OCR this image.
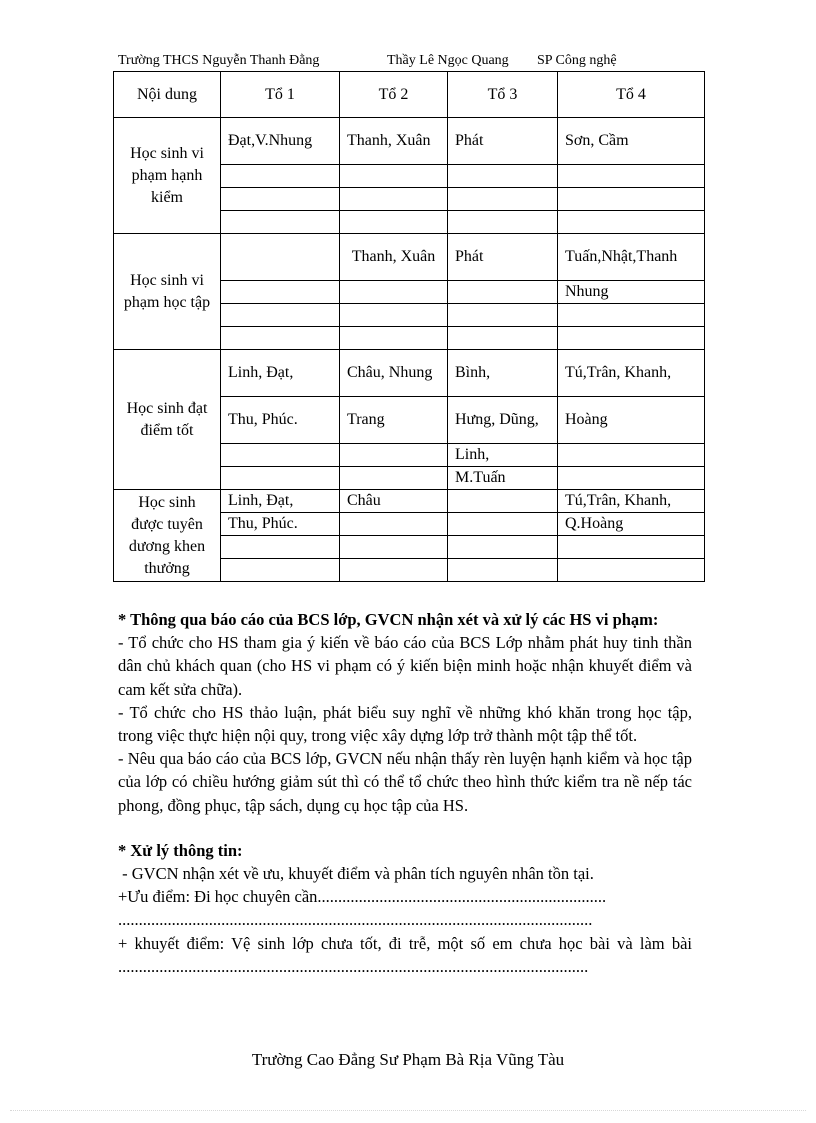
Trường THCS Nguyễn Thanh Đằng	Thầy Lê Ngọc Quang SP Công nghệ
Nội dung	Tổ 1	Tổ 2	Tổ 3	Tổ 4
Học sinh vi phạm hạnh kiểm	Đạt,V.Nhung	Thanh, Xuân	Phát	Sơn, Cầm

Học sinh vi phạm học tập		Thanh, Xuân	Phát	Tuấn,Nhật,Thanh
				Nhung

Học sinh đạt điểm tốt	Linh, Đạt,	Châu, Nhung	Bình,	Tú,Trân, Khanh,
	Thu, Phúc.	Trang	Hưng, Dũng,	Hoàng
			Linh,	
			M.Tuấn	
Học sinh được tuyên dương khen thưởng	Linh, Đạt,	Châu		Tú,Trân, Khanh,
	Thu, Phúc.			Q.Hoàng

* Thông qua báo cáo của BCS lớp, GVCN nhận xét và xử lý các HS vi phạm:

- Tổ chức cho HS tham gia ý kiến về báo cáo của BCS Lớp nhằm phát huy tinh thần dân chủ khách quan (cho HS vi phạm có ý kiến biện minh hoặc nhận khuyết điểm và cam kết sửa chữa).

- Tổ chức cho HS thảo luận, phát biểu suy nghĩ về những khó khăn trong học tập, trong việc thực hiện nội quy, trong việc xây dựng lớp trở thành một tập thể tốt.

- Nêu qua báo cáo của BCS lớp, GVCN nếu nhận thấy rèn luyện hạnh kiểm và học tập của lớp có chiều hướng giảm sút thì có thể tổ chức theo hình thức kiểm tra nề nếp tác phong, đồng phục, tập sách, dụng cụ học tập của HS.

* Xử lý thông tin:

- GVCN nhận xét về ưu, khuyết điểm và phân tích nguyên nhân tồn tại.

+Ưu điểm: Đi học chuyên cần......................................................................

...................................................................................................................

+ khuyết điểm: Vệ sinh lớp chưa tốt, đi trễ, một số em chưa học bài và làm bài ..................................................................................................................

Trường Cao Đẳng Sư Phạm Bà Rịa Vũng Tàu
